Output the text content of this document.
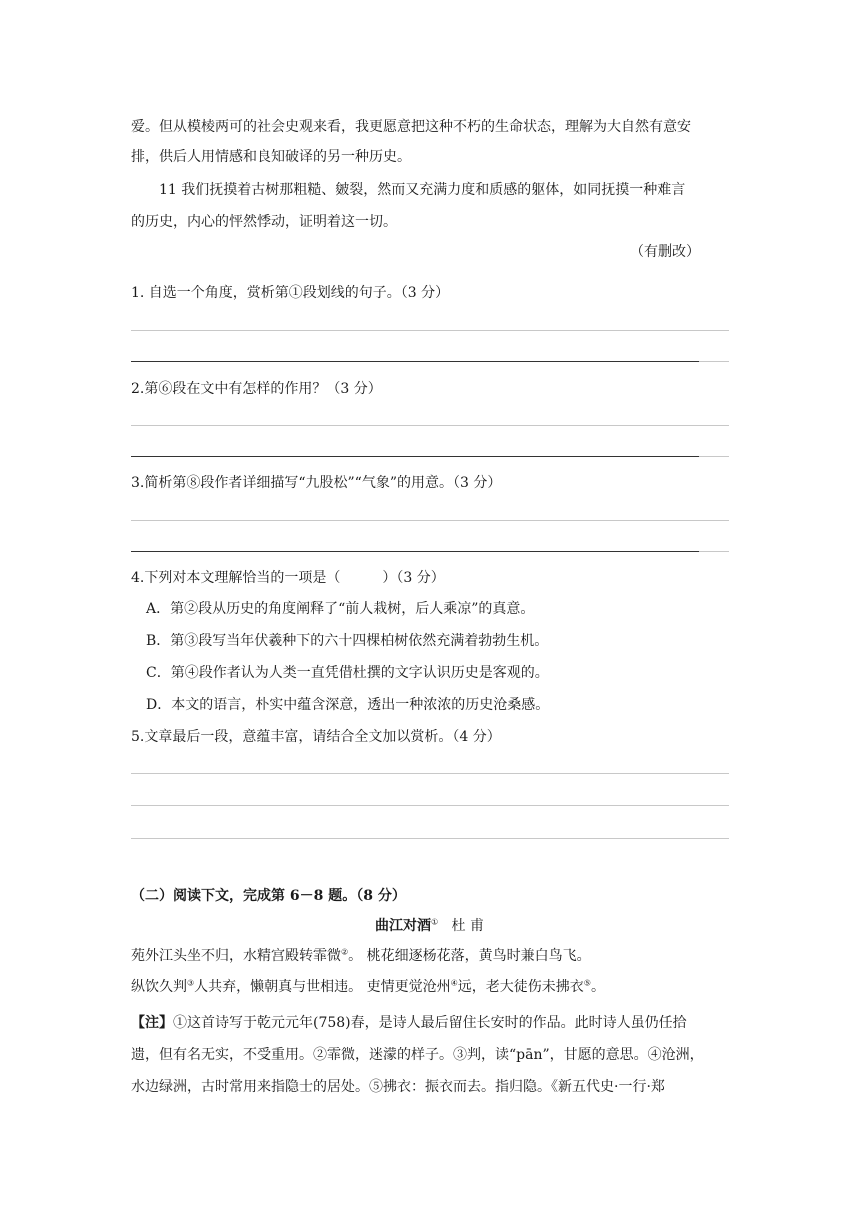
爱。但从模棱两可的社会史观来看，我更愿意把这种不朽的生命状态，理解为大自然有意安
排，供后人用情感和良知破译的另一种历史。
11 我们抚摸着古树那粗糙、皴裂，然而又充满力度和质感的躯体，如同抚摸一种难言
的历史，内心的怦然悸动，证明着这一切。
（有删改）
1. 自选一个角度，赏析第①段划线的句子。（3 分）
2.第⑥段在文中有怎样的作用？（3 分）
3.简析第⑧段作者详细描写“九股松”“气象”的用意。（3 分）
4.下列对本文理解恰当的一项是（　　　）（3 分）
A．第②段从历史的角度阐释了“前人栽树，后人乘凉”的真意。
B．第③段写当年伏羲种下的六十四棵柏树依然充满着勃勃生机。
C．第④段作者认为人类一直凭借杜撰的文字认识历史是客观的。
D．本文的语言，朴实中蕴含深意，透出一种浓浓的历史沧桑感。
5.文章最后一段，意蕴丰富，请结合全文加以赏析。（4 分）
（二）阅读下文，完成第 6－8 题。（8 分）
曲江对酒① 杜 甫
苑外江头坐不归，水精宫殿转霏微②。 桃花细逐杨花落，黄鸟时兼白鸟飞。
纵饮久判③人共弃，懒朝真与世相违。 吏情更觉沧州④远，老大徒伤未拂衣⑤。
【注】①这首诗写于乾元元年(758)春，是诗人最后留住长安时的作品。此时诗人虽仍任拾
遗，但有名无实，不受重用。②霏微，迷濛的样子。③判，读“pān”，甘愿的意思。④沧洲，
水边绿洲，古时常用来指隐士的居处。⑤拂衣：振衣而去。指归隐。《新五代史·一行·郑
